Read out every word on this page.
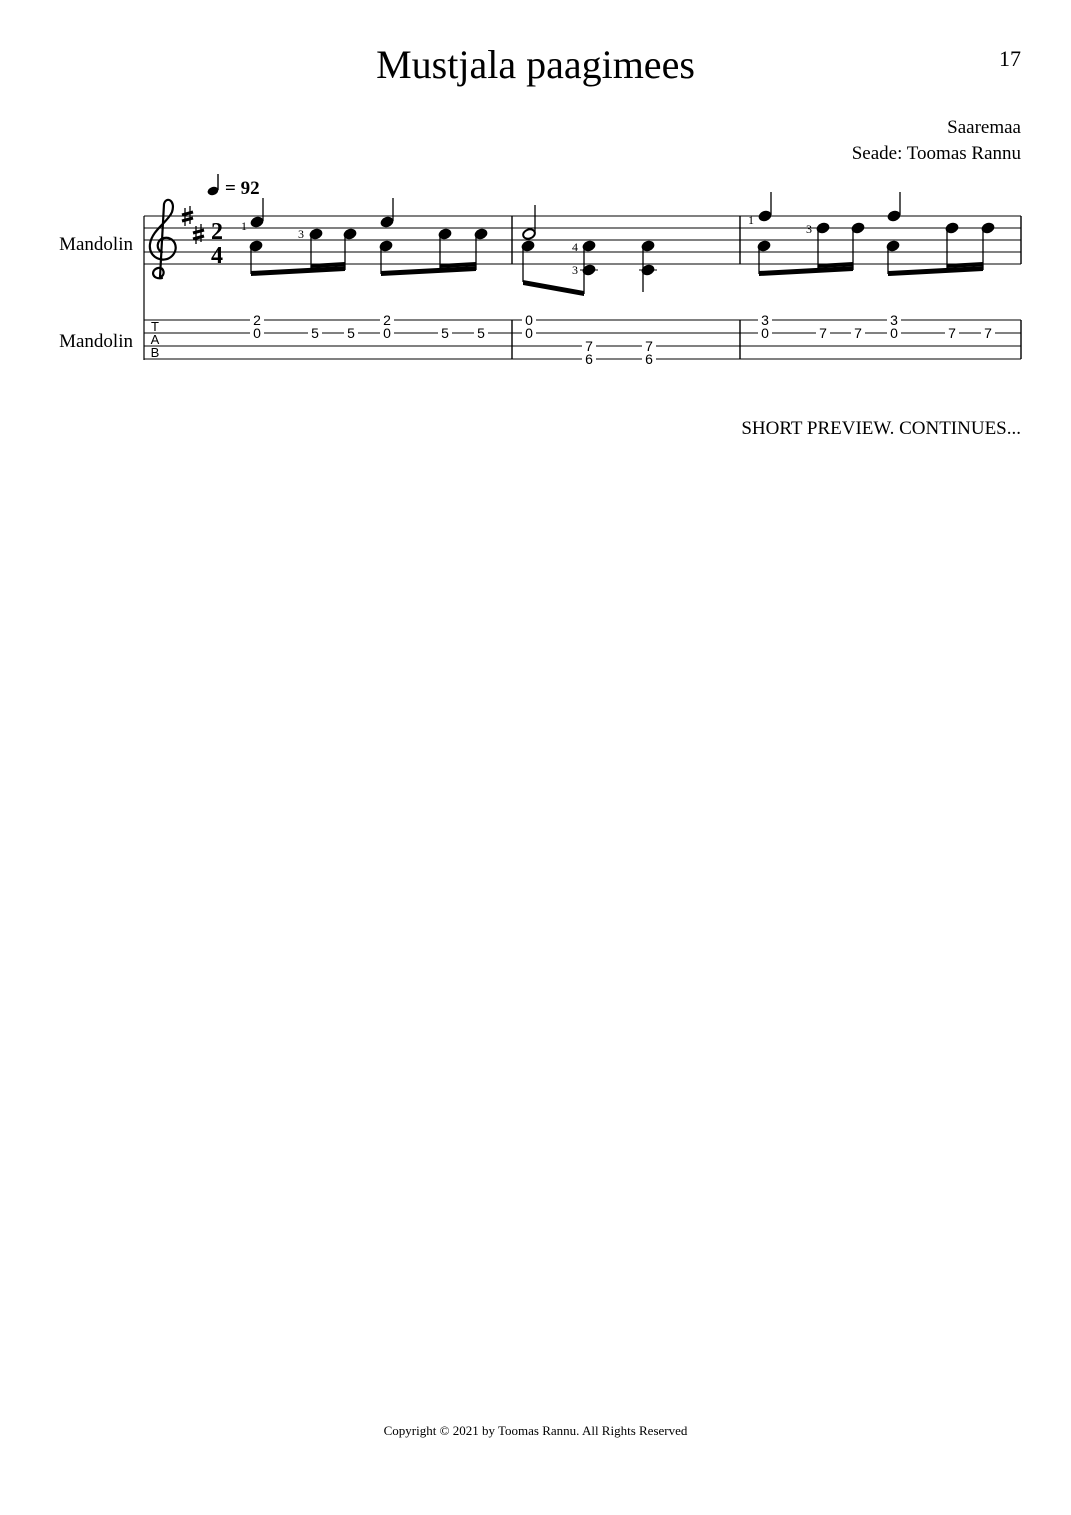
Mustjala paagimees	17
Saaremaa
Seade: Toomas Rannu
= 92
Mandolin
Mandolin
2
4
1
3
4
3
1
3
T
A
B
2
0	5 5
2
0	5 5
0
0
7
6
7
6
3
0	7 7
3
0	7 7
SHORT PREVIEW. CONTINUES...
Copyright © 2021 by Toomas Rannu. All Rights Reserved
